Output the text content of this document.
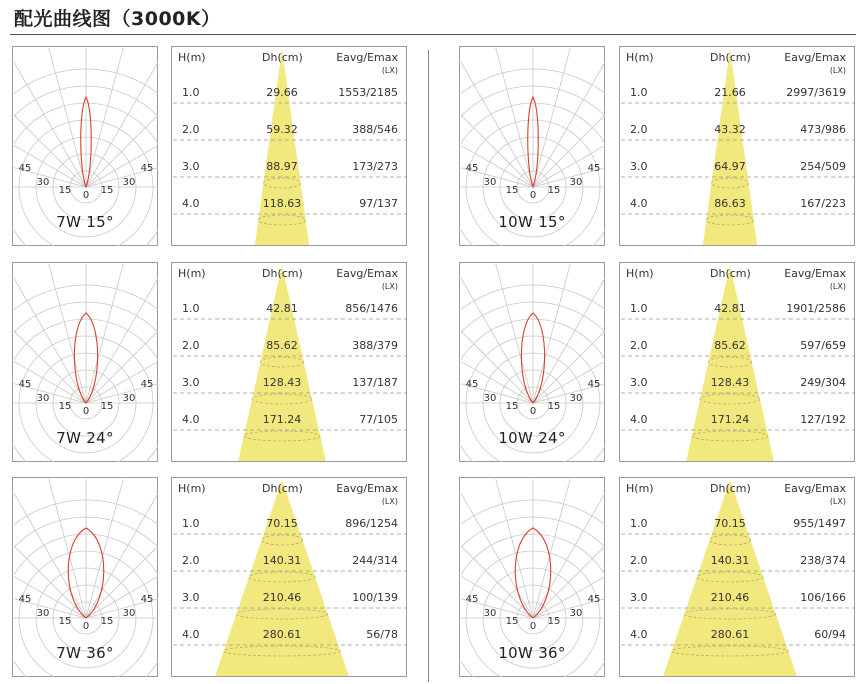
配光曲线图（3000K）
45	45
30	30
15	15
0
7W 15°
H(m)	Dh(cm)	Eavg/Emax
(LX)
1.0	29.66	1553/2185
2.0	59.32	388/546
3.0	88.97	173/273
4.0	118.63	97/137
45	45
30	30
15	15
0
10W 15°
H(m)	Dh(cm)	Eavg/Emax
(LX)
1.0	21.66	2997/3619
2.0	43.32	473/986
3.0	64.97	254/509
4.0	86.63	167/223
45	45
30	30
15	15
0
7W 24°
H(m)	Dh(cm)	Eavg/Emax
(LX)
1.0	42.81	856/1476
2.0	85.62	388/379
3.0	128.43	137/187
4.0	171.24	77/105
45	45
30	30
15	15
0
10W 24°
H(m)	Dh(cm)	Eavg/Emax
(LX)
1.0	42.81	1901/2586
2.0	85.62	597/659
3.0	128.43	249/304
4.0	171.24	127/192
45	45
30	30
15	15
0
7W 36°
H(m)	Dh(cm)	Eavg/Emax
(LX)
1.0	70.15	896/1254
2.0	140.31	244/314
3.0	210.46	100/139
4.0	280.61	56/78
45	45
30	30
15	15
0
10W 36°
H(m)	Dh(cm)	Eavg/Emax
(LX)
1.0	70.15	955/1497
2.0	140.31	238/374
3.0	210.46	106/166
4.0	280.61	60/94
